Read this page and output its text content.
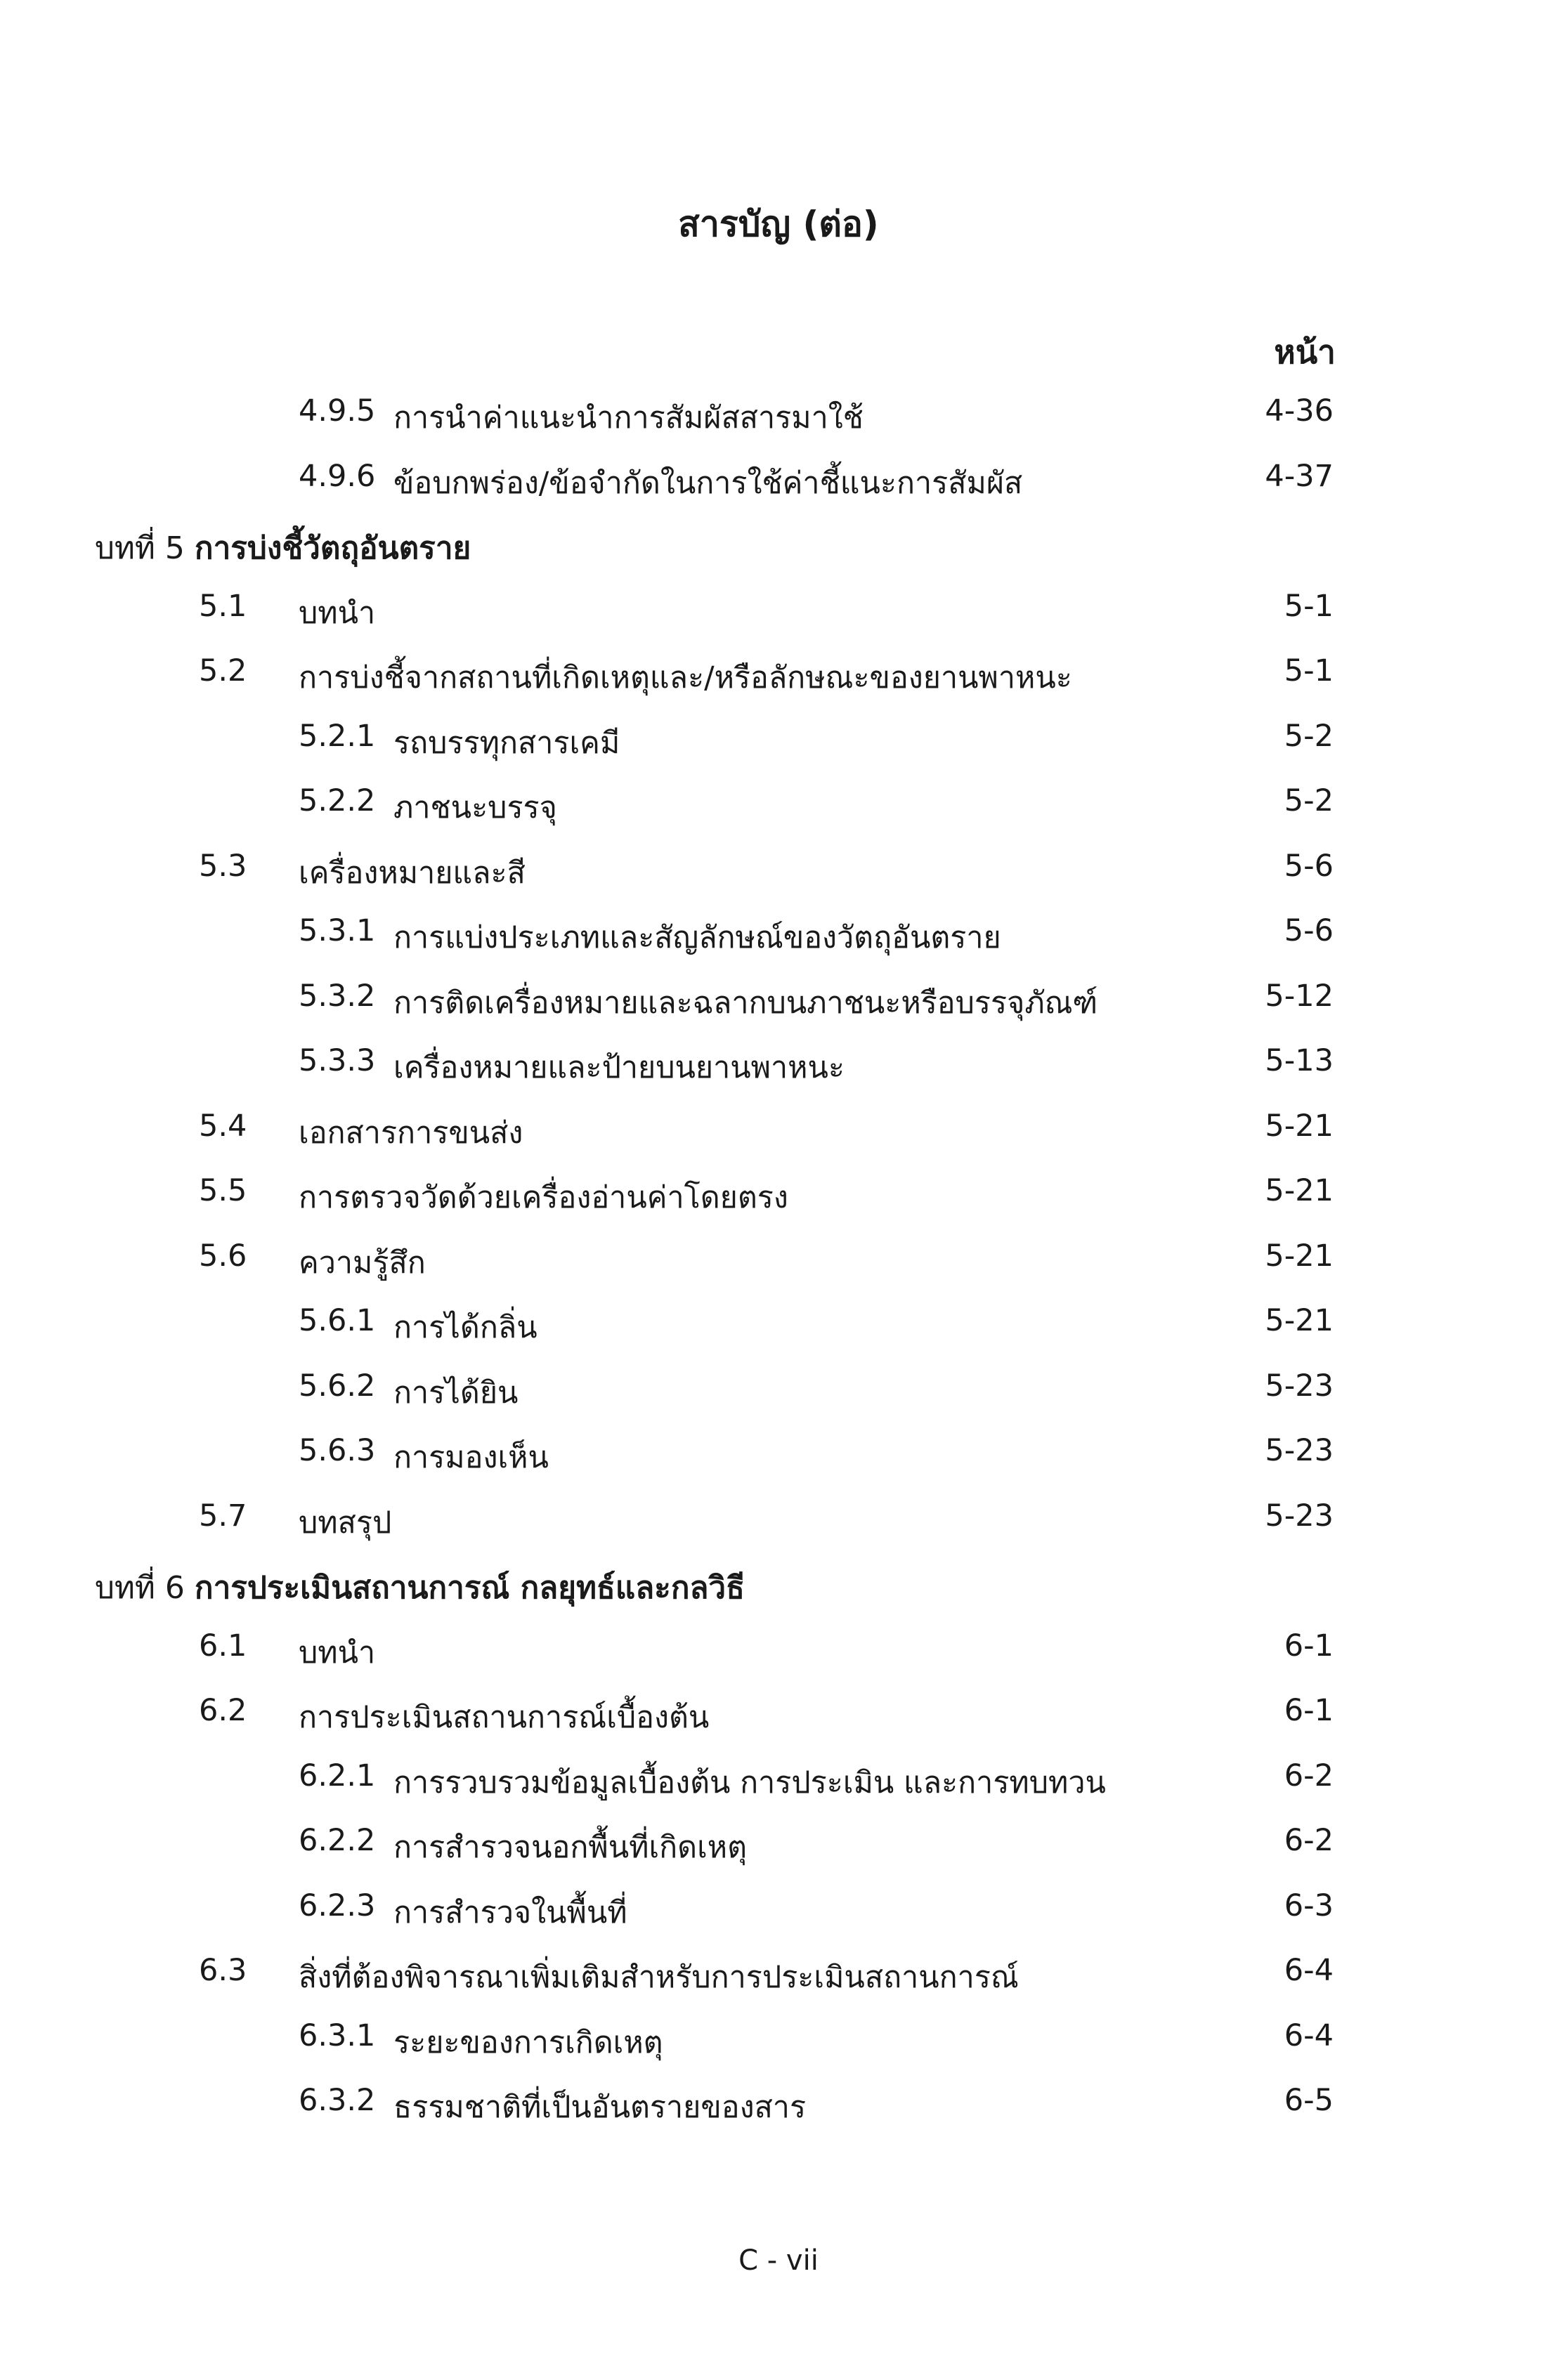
สารบัญ (ต่อ)
หน้า
4.9.5 การนำค่าแนะนำการสัมผัสสารมาใช้	4-36
4.9.6 ข้อบกพร่อง/ข้อจำกัดในการใช้ค่าชี้แนะการสัมผัส	4-37
บทที่ 5 การบ่งชี้วัตถุอันตราย
5.1 บทนำ	5-1
5.2 การบ่งชี้จากสถานที่เกิดเหตุและ/หรือลักษณะของยานพาหนะ	5-1
5.2.1 รถบรรทุกสารเคมี	5-2
5.2.2 ภาชนะบรรจุ	5-2
5.3 เครื่องหมายและสี	5-6
5.3.1 การแบ่งประเภทและสัญลักษณ์ของวัตถุอันตราย	5-6
5.3.2 การติดเครื่องหมายและฉลากบนภาชนะหรือบรรจุภัณฑ์	5-12
5.3.3 เครื่องหมายและป้ายบนยานพาหนะ	5-13
5.4 เอกสารการขนส่ง	5-21
5.5 การตรวจวัดด้วยเครื่องอ่านค่าโดยตรง	5-21
5.6 ความรู้สึก	5-21
5.6.1 การได้กลิ่น	5-21
5.6.2 การได้ยิน	5-23
5.6.3 การมองเห็น	5-23
5.7 บทสรุป	5-23
บทที่ 6 การประเมินสถานการณ์ กลยุทธ์และกลวิธี
6.1 บทนำ	6-1
6.2 การประเมินสถานการณ์เบื้องต้น	6-1
6.2.1 การรวบรวมข้อมูลเบื้องต้น การประเมิน และการทบทวน	6-2
6.2.2 การสำรวจนอกพื้นที่เกิดเหตุ	6-2
6.2.3 การสำรวจในพื้นที่	6-3
6.3 สิ่งที่ต้องพิจารณาเพิ่มเติมสำหรับการประเมินสถานการณ์	6-4
6.3.1 ระยะของการเกิดเหตุ	6-4
6.3.2 ธรรมชาติที่เป็นอันตรายของสาร	6-5
C - vii
